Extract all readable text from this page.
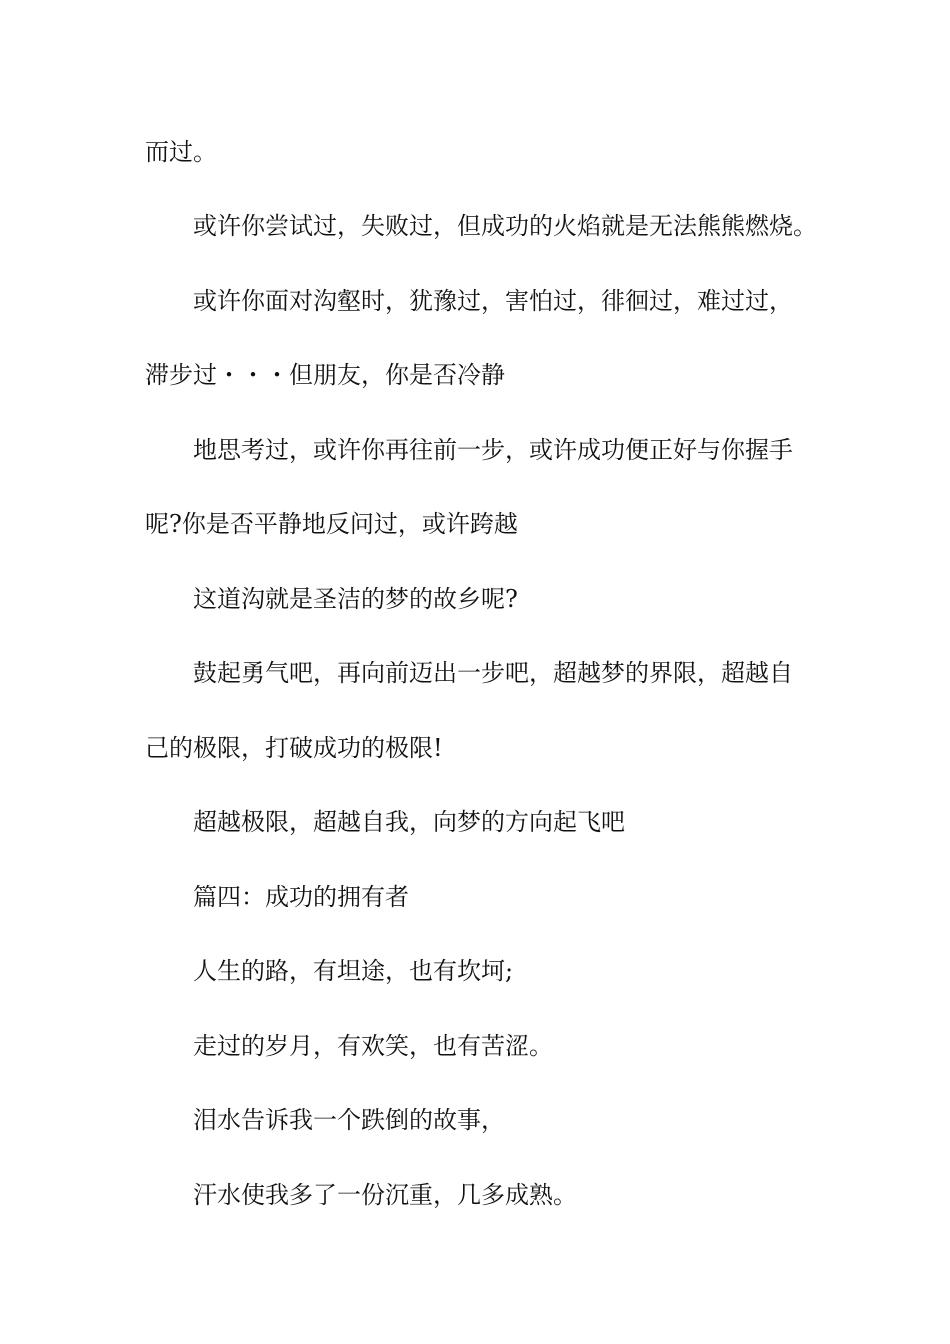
而过。
或许你尝试过，失败过，但成功的火焰就是无法熊熊燃烧。
或许你面对沟壑时，犹豫过，害怕过，徘徊过，难过过，
滞步过・・・但朋友，你是否冷静
地思考过，或许你再往前一步，或许成功便正好与你握手
呢?你是否平静地反问过，或许跨越
这道沟就是圣洁的梦的故乡呢?
鼓起勇气吧，再向前迈出一步吧，超越梦的界限，超越自
己的极限，打破成功的极限!
超越极限，超越自我，向梦的方向起飞吧
篇四：成功的拥有者
人生的路，有坦途，也有坎坷;
走过的岁月，有欢笑，也有苦涩。
泪水告诉我一个跌倒的故事，
汗水使我多了一份沉重，几多成熟。
